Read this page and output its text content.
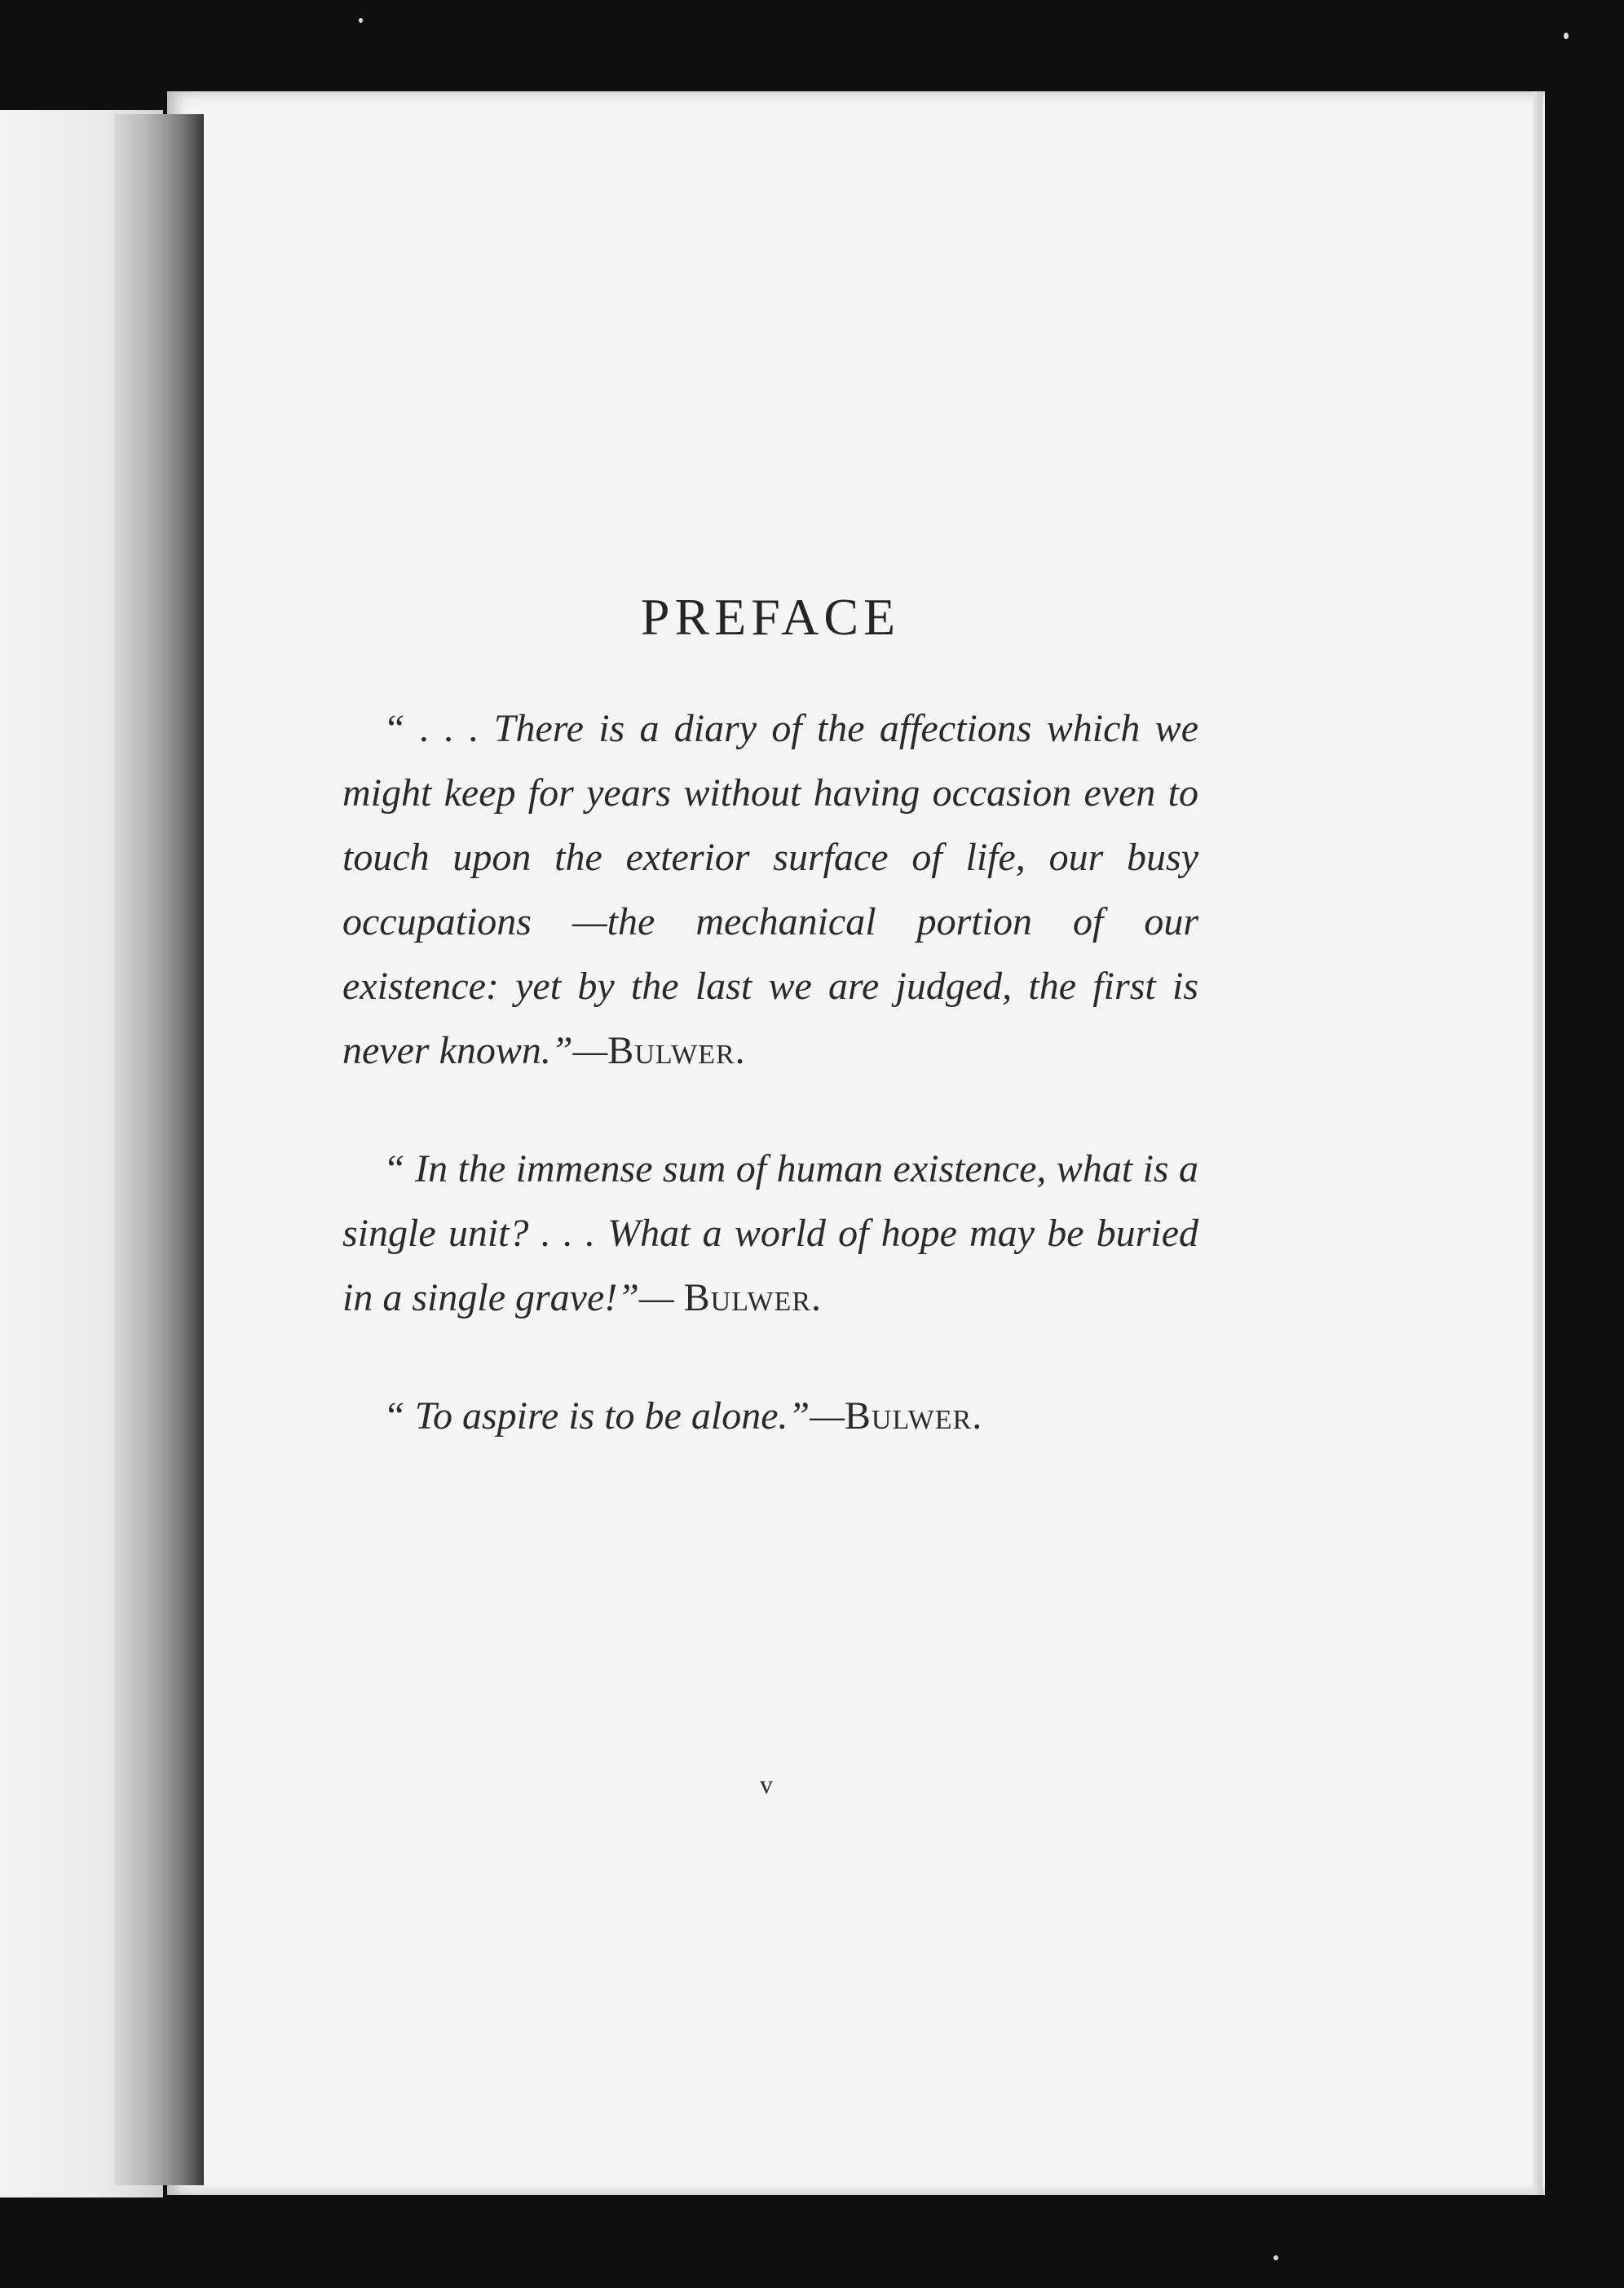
PREFACE

“ . . . There is a diary of the affections which we might keep for years without having occasion even to touch upon the exterior surface of life, our busy occupations —the mechanical portion of our existence: yet by the last we are judged, the first is never known.”—Bulwer.

“ In the immense sum of human existence, what is a single unit? . . . What a world of hope may be buried in a single grave!”— Bulwer.

“ To aspire is to be alone.”—Bulwer.

v
